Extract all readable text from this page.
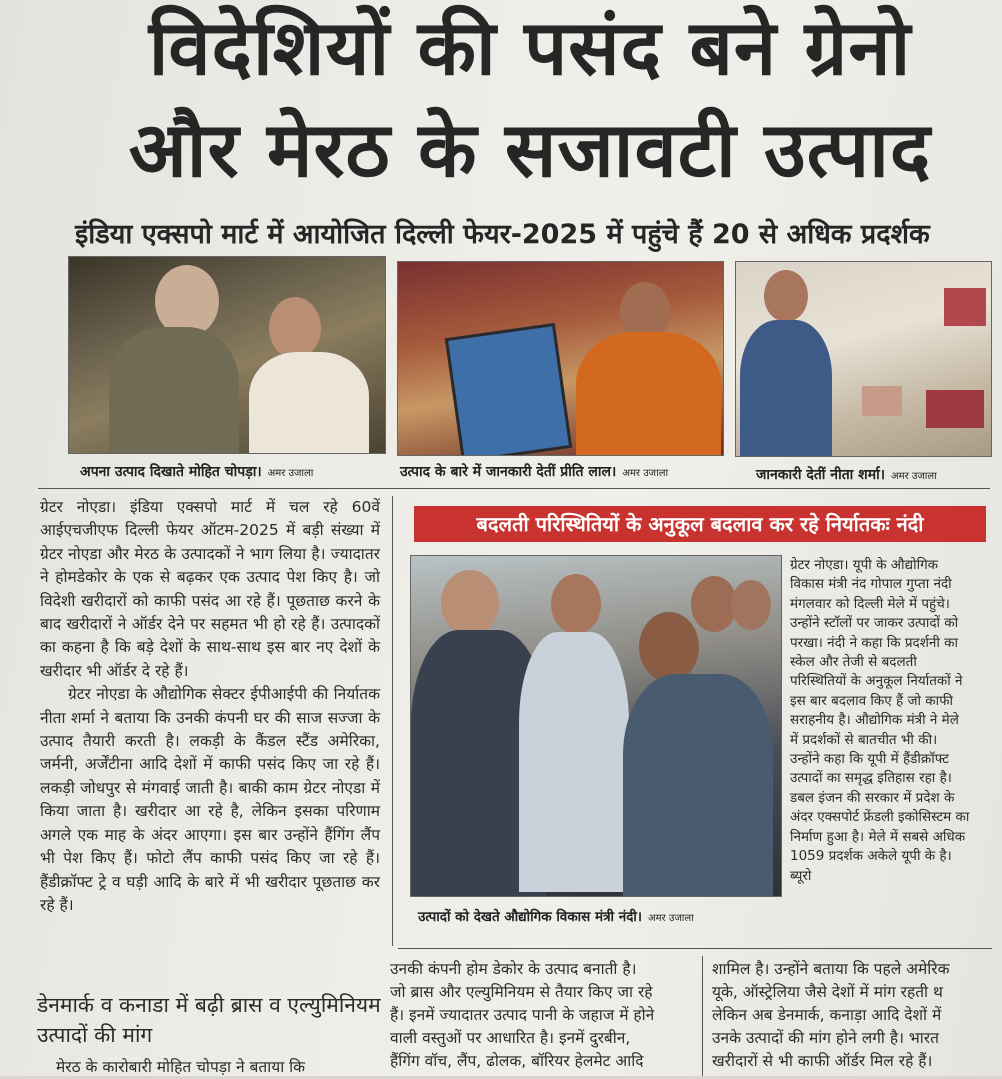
विदेशियों की पसंद बने ग्रेनो
और मेरठ के सजावटी उत्पाद
इंडिया एक्सपो मार्ट में आयोजित दिल्ली फेयर-2025 में पहुंचे हैं 20 से अधिक प्रदर्शक
अपना उत्पाद दिखाते मोहित चोपड़ा। अमर उजाला	उत्पाद के बारे में जानकारी देतीं प्रीति लाल। अमर उजाला	जानकारी देतीं नीता शर्मा। अमर उजाला

ग्रेटर नोएडा। इंडिया एक्सपो मार्ट में चल रहे 60वें आईएचजीएफ दिल्ली फेयर ऑटम-2025 में बड़ी संख्या में ग्रेटर नोएडा और मेरठ के उत्पादकों ने भाग लिया है। ज्यादातर ने होमडेकोर के एक से बढ़कर एक उत्पाद पेश किए है। जो विदेशी खरीदारों को काफी पसंद आ रहे हैं। पूछताछ करने के बाद खरीदारों ने ऑर्डर देने पर सहमत भी हो रहे हैं। उत्पादकों का कहना है कि बड़े देशों के साथ-साथ इस बार नए देशों के खरीदार भी ऑर्डर दे रहे हैं।

ग्रेटर नोएडा के औद्योगिक सेक्टर ईपीआईपी की निर्यातक नीता शर्मा ने बताया कि उनकी कंपनी घर की साज सज्जा के उत्पाद तैयारी करती है। लकड़ी के कैंडल स्टैंड अमेरिका, जर्मनी, अर्जेंटीना आदि देशों में काफी पसंद किए जा रहे हैं। लकड़ी जोधपुर से मंगवाई जाती है। बाकी काम ग्रेटर नोएडा में किया जाता है। खरीदार आ रहे है, लेकिन इसका परिणाम अगले एक माह के अंदर आएगा। इस बार उन्होंने हैंगिंग लैंप भी पेश किए हैं। फोटो लैंप काफी पसंद किए जा रहे हैं। हैंडीक्रॉफ्ट ट्रे व घड़ी आदि के बारे में भी खरीदार पूछताछ कर रहे हैं।

बदलती परिस्थितियों के अनुकूल बदलाव कर रहे निर्यातकः नंदी
उत्पादों को देखते औद्योगिक विकास मंत्री नंदी। अमर उजाला

ग्रेटर नोएडा। यूपी के औद्योगिक विकास मंत्री नंद गोपाल गुप्ता नंदी मंगलवार को दिल्ली मेले में पहुंचे। उन्होंने स्टॉलों पर जाकर उत्पादों को परखा। नंदी ने कहा कि प्रदर्शनी का स्केल और तेजी से बदलती परिस्थितियों के अनुकूल निर्यातकों ने इस बार बदलाव किए हैं जो काफी सराहनीय है। औद्योगिक मंत्री ने मेले में प्रदर्शकों से बातचीत भी की। उन्होंने कहा कि यूपी में हैंडीक्रॉफ्ट उत्पादों का समृद्ध इतिहास रहा है। डबल इंजन की सरकार में प्रदेश के अंदर एक्सपोर्ट फ्रेंडली इकोसिस्टम का निर्माण हुआ है। मेले में सबसे अधिक 1059 प्रदर्शक अकेले यूपी के है। ब्यूरो

डेनमार्क व कनाडा में बढ़ी ब्रास व एल्युमिनियम उत्पादों की मांग
मेरठ के कारोबारी मोहित चोपड़ा ने बताया कि
उनकी कंपनी होम डेकोर के उत्पाद बनाती है।
जो ब्रास और एल्युमिनियम से तैयार किए जा रहे
हैं। इनमें ज्यादातर उत्पाद पानी के जहाज में होने
वाली वस्तुओं पर आधारित है। इनमें दुरबीन,
हैंगिंग वॉच, लैंप, ढोलक, बॉरियर हेलमेट आदि
शामिल है। उन्होंने बताया कि पहले अमेरिक
यूके, ऑस्ट्रेलिया जैसे देशों में मांग रहती थ
लेकिन अब डेनमार्क, कनाड़ा आदि देशों में
उनके उत्पादों की मांग होने लगी है। भारत
खरीदारों से भी काफी ऑर्डर मिल रहे हैं।
